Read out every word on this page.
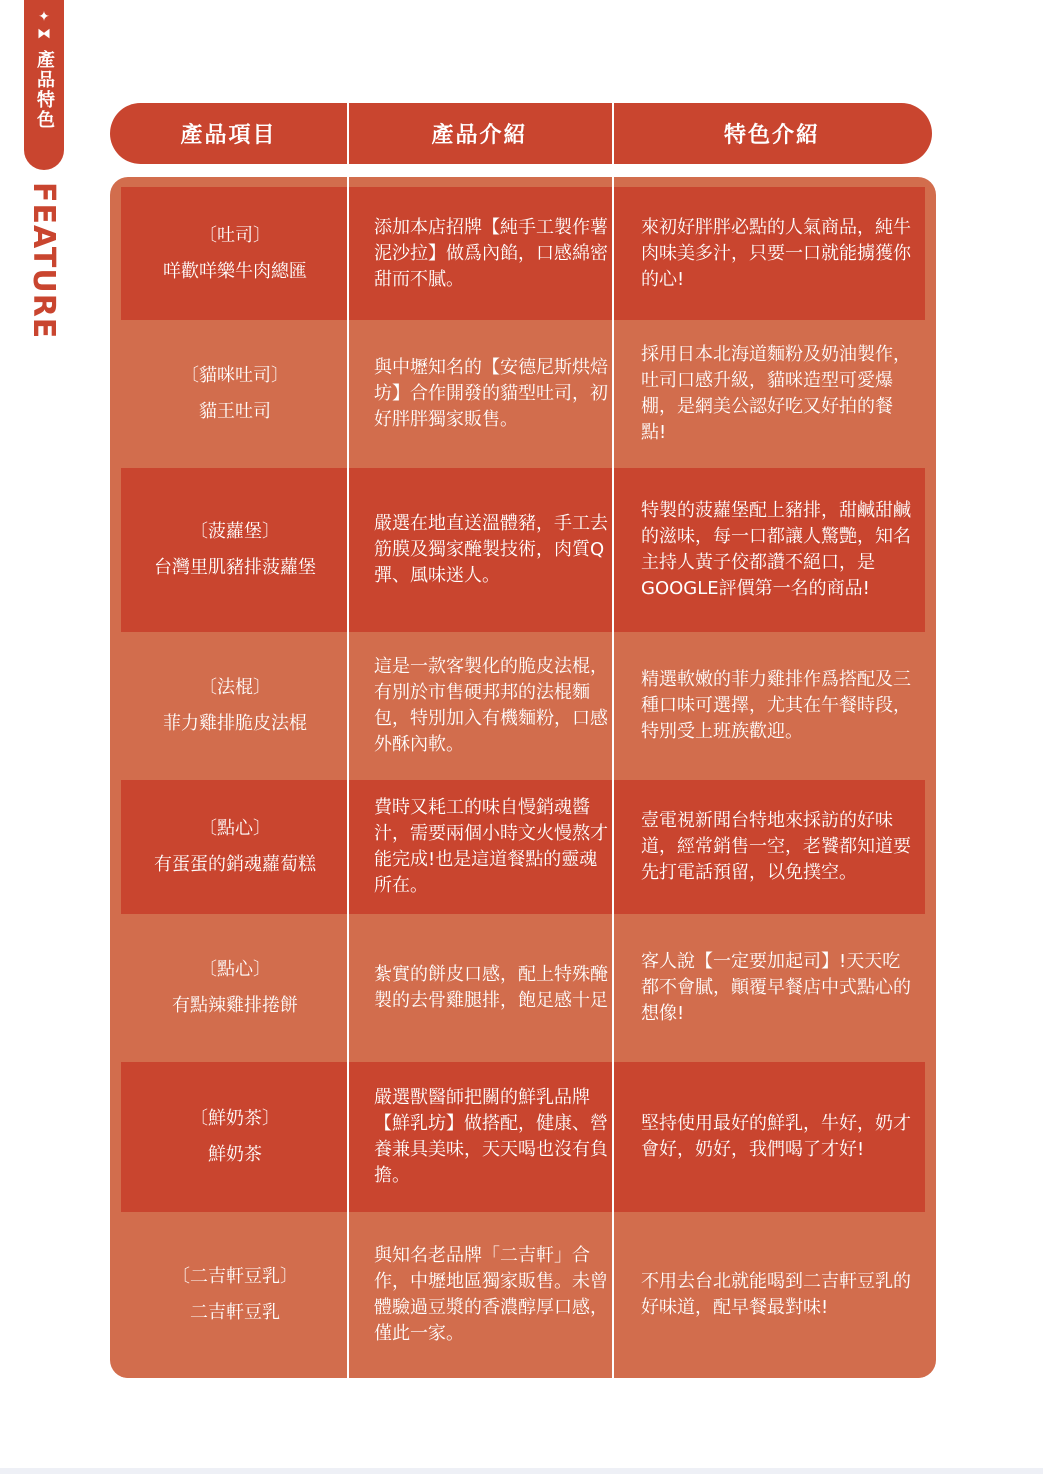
✦
⧓
產品特色
FEATURE
產品項目	產品介紹	特色介紹
〔吐司〕
咩歡咩樂牛肉總匯
添加本店招牌【純手工製作薯泥沙拉】做爲內餡，口感綿密甜而不膩。
來初好胖胖必點的人氣商品，純牛肉味美多汁，只要一口就能擄獲你的心!
〔貓咪吐司〕
貓王吐司
與中壢知名的【安德尼斯烘焙坊】合作開發的貓型吐司，初好胖胖獨家販售。
採用日本北海道麵粉及奶油製作，吐司口感升級，貓咪造型可愛爆棚，是網美公認好吃又好拍的餐點!
〔菠蘿堡〕
台灣里肌豬排菠蘿堡
嚴選在地直送溫體豬，手工去筋膜及獨家醃製技術，肉質Q彈、風味迷人。
特製的菠蘿堡配上豬排，甜鹹甜鹹的滋味，每一口都讓人驚艷，知名主持人黃子佼都讚不絕口，是GOOGLE評價第一名的商品!
〔法棍〕
菲力雞排脆皮法棍
這是一款客製化的脆皮法棍，有別於市售硬邦邦的法棍麵包，特別加入有機麵粉，口感外酥內軟。
精選軟嫩的菲力雞排作爲搭配及三種口味可選擇，尤其在午餐時段，特別受上班族歡迎。
〔點心〕
有蛋蛋的銷魂蘿蔔糕
費時又耗工的味自慢銷魂醬汁，需要兩個小時文火慢熬才能完成!也是這道餐點的靈魂所在。
壹電視新聞台特地來採訪的好味道，經常銷售一空，老饕都知道要先打電話預留，以免撲空。
〔點心〕
有點辣雞排捲餅
紮實的餅皮口感，配上特殊醃製的去骨雞腿排，飽足感十足
客人說【一定要加起司】!天天吃都不會膩，顚覆早餐店中式點心的想像!
〔鮮奶茶〕
鮮奶茶
嚴選獸醫師把關的鮮乳品牌【鮮乳坊】做搭配，健康、營養兼具美味，天天喝也沒有負擔。
堅持使用最好的鮮乳，牛好，奶才會好，奶好，我們喝了才好!
〔二吉軒豆乳〕
二吉軒豆乳
與知名老品牌「二吉軒」合作，中壢地區獨家販售。未曾體驗過豆漿的香濃醇厚口感，僅此一家。
不用去台北就能喝到二吉軒豆乳的好味道，配早餐最對味!
